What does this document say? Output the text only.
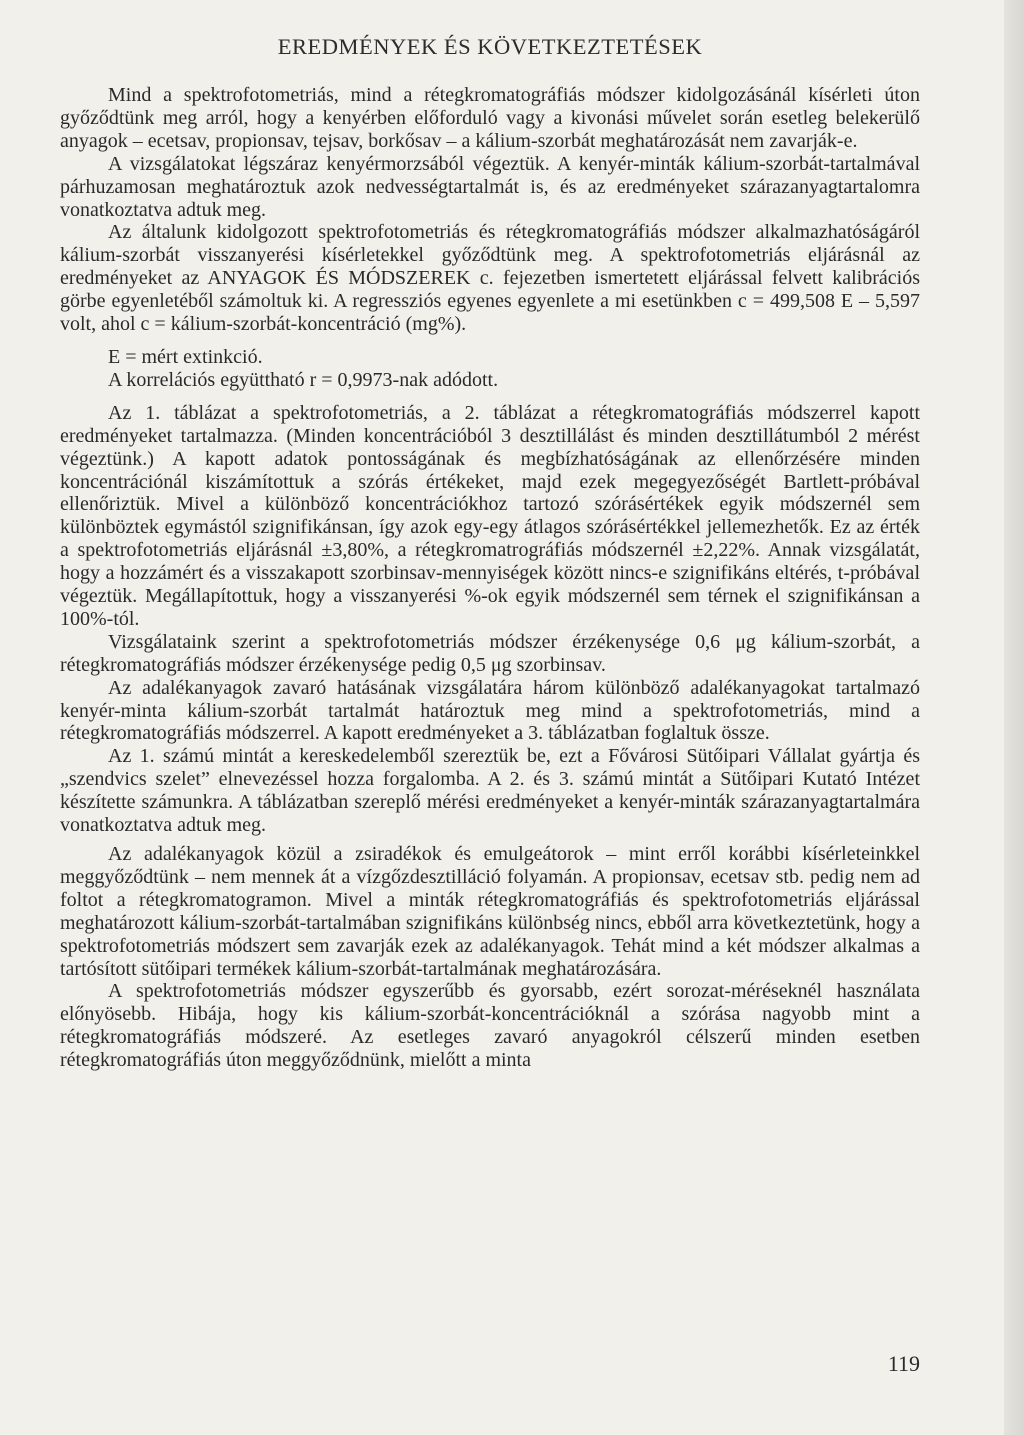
EREDMÉNYEK ÉS KÖVETKEZTETÉSEK

Mind a spektrofotometriás, mind a rétegkromatográfiás módszer kidolgozásánál kísérleti úton győződtünk meg arról, hogy a kenyérben előforduló vagy a kivonási művelet során esetleg belekerülő anyagok – ecetsav, propionsav, tejsav, borkősav – a kálium-szorbát meghatározását nem zavarják-e.

A vizsgálatokat légszáraz kenyérmorzsából végeztük. A kenyér-minták kálium-szorbát-tartalmával párhuzamosan meghatároztuk azok nedvességtartalmát is, és az eredményeket szárazanyagtartalomra vonatkoztatva adtuk meg.

Az általunk kidolgozott spektrofotometriás és rétegkromatográfiás módszer alkalmazhatóságáról kálium-szorbát visszanyerési kísérletekkel győződtünk meg. A spektrofotometriás eljárásnál az eredményeket az ANYAGOK ÉS MÓDSZEREK c. fejezetben ismertetett eljárással felvett kalibrációs görbe egyenletéből számoltuk ki. A regressziós egyenes egyenlete a mi esetünkben c = 499,508 E – 5,597 volt, ahol c = kálium-szorbát-koncentráció (mg%).

E = mért extinkció.

A korrelációs együttható r = 0,9973-nak adódott.

Az 1. táblázat a spektrofotometriás, a 2. táblázat a rétegkromatográfiás módszerrel kapott eredményeket tartalmazza. (Minden koncentrációból 3 desztillálást és minden desztillátumból 2 mérést végeztünk.) A kapott adatok pontosságának és megbízhatóságának az ellenőrzésére minden koncentrációnál kiszámítottuk a szórás értékeket, majd ezek megegyezőségét Bartlett-próbával ellenőriztük. Mivel a különböző koncentrációkhoz tartozó szórásértékek egyik módszernél sem különböztek egymástól szignifikánsan, így azok egy-egy átlagos szórásértékkel jellemezhetők. Ez az érték a spektrofotometriás eljárásnál ±3,80%, a rétegkromatrográfiás módszernél ±2,22%. Annak vizsgálatát, hogy a hozzámért és a visszakapott szorbinsav-mennyiségek között nincs-e szignifikáns eltérés, t-próbával végeztük. Megállapítottuk, hogy a visszanyerési %-ok egyik módszernél sem térnek el szignifikánsan a 100%-tól.

Vizsgálataink szerint a spektrofotometriás módszer érzékenysége 0,6 μg kálium-szorbát, a rétegkromatográfiás módszer érzékenysége pedig 0,5 μg szorbinsav.

Az adalékanyagok zavaró hatásának vizsgálatára három különböző adalékanyagokat tartalmazó kenyér-minta kálium-szorbát tartalmát határoztuk meg mind a spektrofotometriás, mind a rétegkromatográfiás módszerrel. A kapott eredményeket a 3. táblázatban foglaltuk össze.

Az 1. számú mintát a kereskedelemből szereztük be, ezt a Fővárosi Sütőipari Vállalat gyártja és „szendvics szelet” elnevezéssel hozza forgalomba. A 2. és 3. számú mintát a Sütőipari Kutató Intézet készítette számunkra. A táblázatban szereplő mérési eredményeket a kenyér-minták szárazanyagtartalmára vonatkoztatva adtuk meg.

Az adalékanyagok közül a zsiradékok és emulgeátorok – mint erről korábbi kísérleteinkkel meggyőződtünk – nem mennek át a vízgőzdesztilláció folyamán. A propionsav, ecetsav stb. pedig nem ad foltot a rétegkromatogramon. Mivel a minták rétegkromatográfiás és spektrofotometriás eljárással meghatározott kálium-szorbát-tartalmában szignifikáns különbség nincs, ebből arra következtetünk, hogy a spektrofotometriás módszert sem zavarják ezek az adalékanyagok. Tehát mind a két módszer alkalmas a tartósított sütőipari termékek kálium-szorbát-tartalmának meghatározására.

A spektrofotometriás módszer egyszerűbb és gyorsabb, ezért sorozat-méréseknél használata előnyösebb. Hibája, hogy kis kálium-szorbát-koncentrációknál a szórása nagyobb mint a rétegkromatográfiás módszeré. Az esetleges zavaró anyagokról célszerű minden esetben rétegkromatográfiás úton meggyőződnünk, mielőtt a minta

119
